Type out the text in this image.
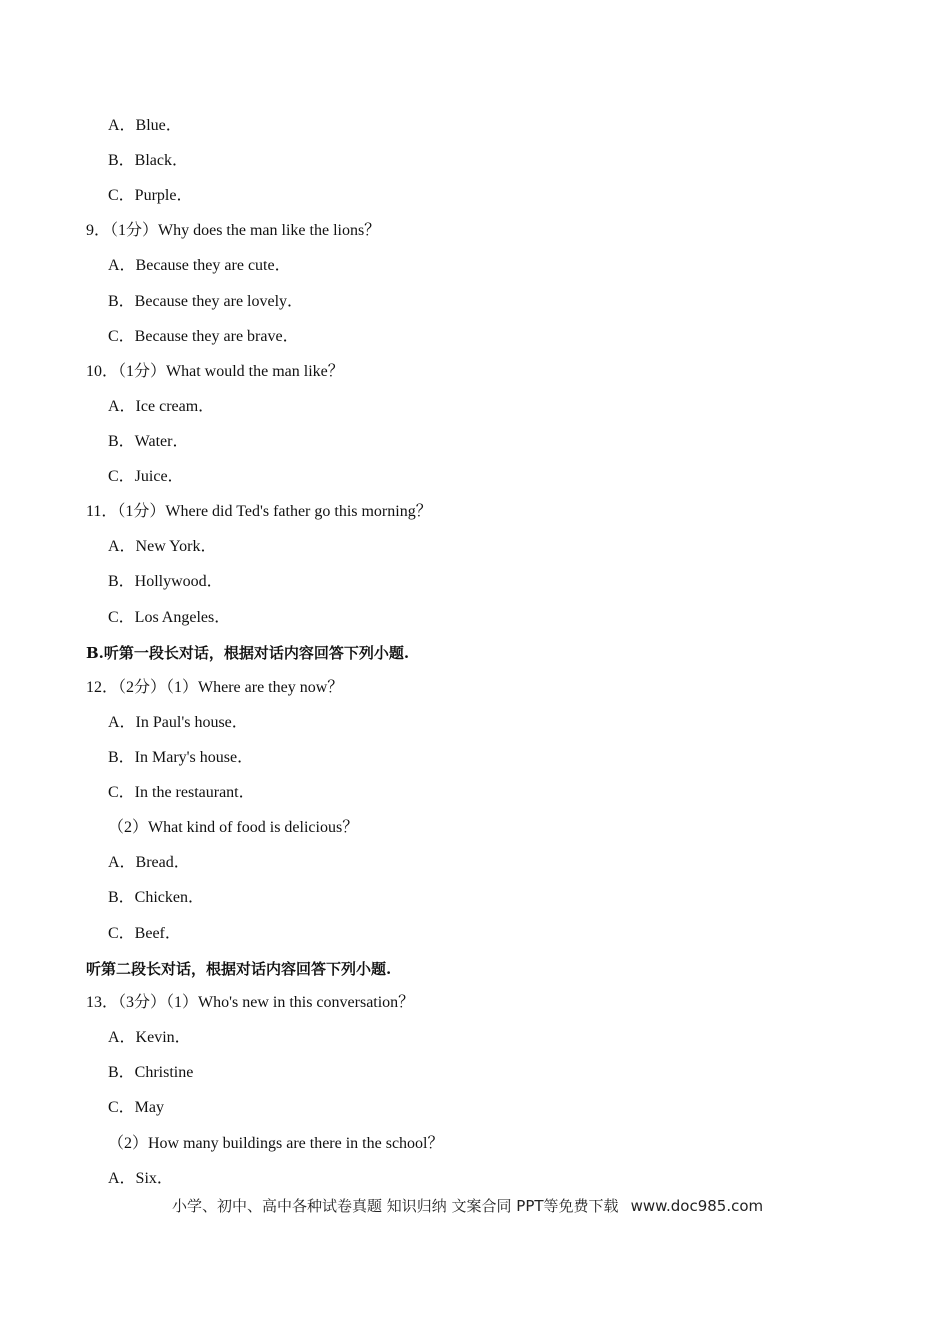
A．Blue．
B．Black．
C．Purple．
9．（1分）Why does the man like the lions？
A．Because they are cute．
B．Because they are lovely．
C．Because they are brave．
10．（1分）What would the man like？
A．Ice cream．
B．Water．
C．Juice．
11．（1分）Where did Ted's father go this morning？
A．New York．
B．Hollywood．
C．Los Angeles．
B.听第一段长对话，根据对话内容回答下列小题.
12．（2分）（1）Where are they now？
A．In Paul's house．
B．In Mary's house．
C．In the restaurant．
（2）What kind of food is delicious？
A．Bread．
B．Chicken．
C．Beef．
听第二段长对话，根据对话内容回答下列小题.
13．（3分）（1）Who's new in this conversation？
A．Kevin．
B．Christine
C．May
（2）How many buildings are there in the school？
A．Six．
小学、初中、高中各种试卷真题 知识归纳 文案合同 PPT等免费下载 www.doc985.com
